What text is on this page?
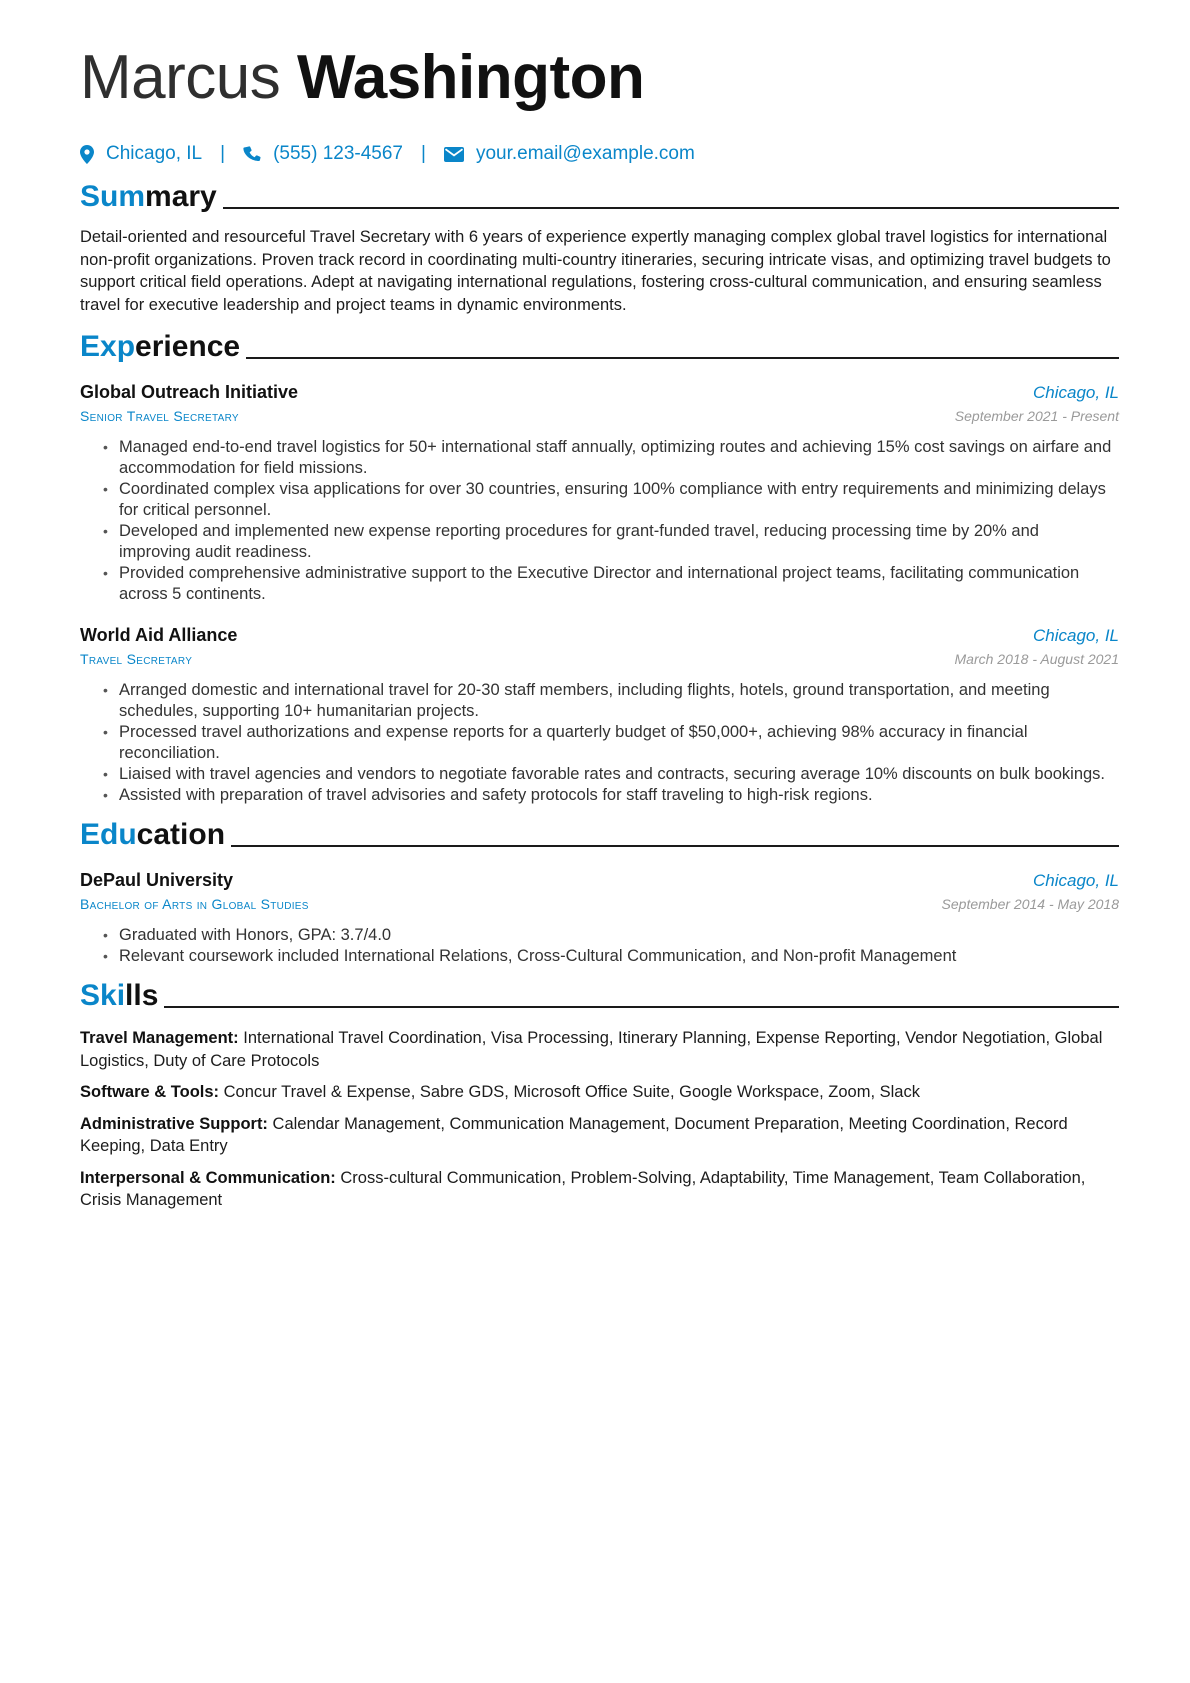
Marcus Washington
Chicago, IL |	(555) 123-4567 |	your.email@example.com
Summary
Detail-oriented and resourceful Travel Secretary with 6 years of experience expertly managing complex global travel logistics for international non-profit organizations. Proven track record in coordinating multi-country itineraries, securing intricate visas, and optimizing travel budgets to support critical field operations. Adept at navigating international regulations, fostering cross-cultural communication, and ensuring seamless travel for executive leadership and project teams in dynamic environments.
Experience
Global Outreach Initiative	Chicago, IL
Senior Travel Secretary	September 2021 - Present
• Managed end-to-end travel logistics for 50+ international staff annually, optimizing routes and achieving 15% cost savings on airfare and accommodation for field missions.
• Coordinated complex visa applications for over 30 countries, ensuring 100% compliance with entry requirements and minimizing delays for critical personnel.
• Developed and implemented new expense reporting procedures for grant-funded travel, reducing processing time by 20% and improving audit readiness.
• Provided comprehensive administrative support to the Executive Director and international project teams, facilitating communication across 5 continents.
World Aid Alliance	Chicago, IL
Travel Secretary	March 2018 - August 2021
• Arranged domestic and international travel for 20-30 staff members, including flights, hotels, ground transportation, and meeting schedules, supporting 10+ humanitarian projects.
• Processed travel authorizations and expense reports for a quarterly budget of $50,000+, achieving 98% accuracy in financial reconciliation.
• Liaised with travel agencies and vendors to negotiate favorable rates and contracts, securing average 10% discounts on bulk bookings.
• Assisted with preparation of travel advisories and safety protocols for staff traveling to high-risk regions.
Education
DePaul University	Chicago, IL
Bachelor of Arts in Global Studies	September 2014 - May 2018
• Graduated with Honors, GPA: 3.7/4.0
• Relevant coursework included International Relations, Cross-Cultural Communication, and Non-profit Management
Skills
Travel Management: International Travel Coordination, Visa Processing, Itinerary Planning, Expense Reporting, Vendor Negotiation, Global Logistics, Duty of Care Protocols
Software & Tools: Concur Travel & Expense, Sabre GDS, Microsoft Office Suite, Google Workspace, Zoom, Slack
Administrative Support: Calendar Management, Communication Management, Document Preparation, Meeting Coordination, Record Keeping, Data Entry
Interpersonal & Communication: Cross-cultural Communication, Problem-Solving, Adaptability, Time Management, Team Collaboration, Crisis Management
